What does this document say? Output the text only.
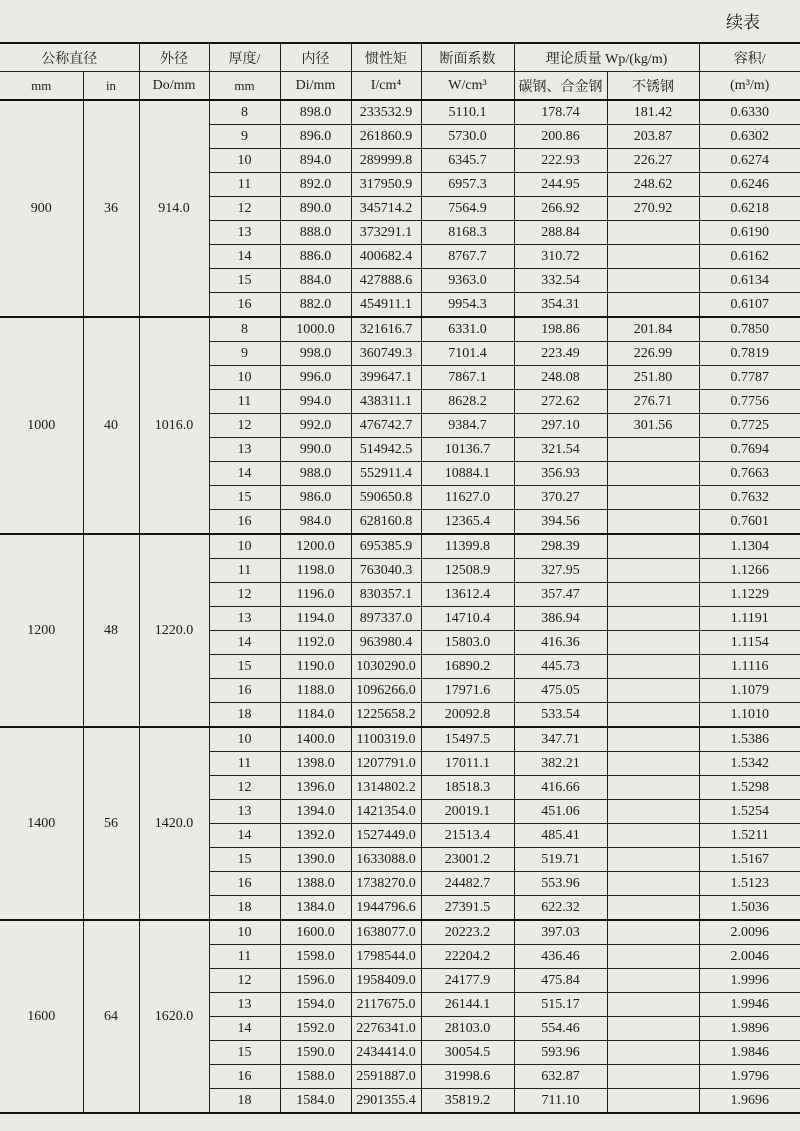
续表
公称直径		外径	厚度/	内径	惯性矩	断面系数	理论质量 Wp/(kg/m)		容积/
mm	in	Do/mm	mm	Di/mm	I/cm⁴	W/cm³	碳钢、合金钢	不锈钢	(m³/m)
900	36	914.0	8	898.0	233532.9	5110.1	178.74	181.42	0.6330
			9	896.0	261860.9	5730.0	200.86	203.87	0.6302
			10	894.0	289999.8	6345.7	222.93	226.27	0.6274
			11	892.0	317950.9	6957.3	244.95	248.62	0.6246
			12	890.0	345714.2	7564.9	266.92	270.92	0.6218
			13	888.0	373291.1	8168.3	288.84		0.6190
			14	886.0	400682.4	8767.7	310.72		0.6162
			15	884.0	427888.6	9363.0	332.54		0.6134
			16	882.0	454911.1	9954.3	354.31		0.6107
1000	40	1016.0	8	1000.0	321616.7	6331.0	198.86	201.84	0.7850
			9	998.0	360749.3	7101.4	223.49	226.99	0.7819
			10	996.0	399647.1	7867.1	248.08	251.80	0.7787
			11	994.0	438311.1	8628.2	272.62	276.71	0.7756
			12	992.0	476742.7	9384.7	297.10	301.56	0.7725
			13	990.0	514942.5	10136.7	321.54		0.7694
			14	988.0	552911.4	10884.1	356.93		0.7663
			15	986.0	590650.8	11627.0	370.27		0.7632
			16	984.0	628160.8	12365.4	394.56		0.7601
1200	48	1220.0	10	1200.0	695385.9	11399.8	298.39		1.1304
			11	1198.0	763040.3	12508.9	327.95		1.1266
			12	1196.0	830357.1	13612.4	357.47		1.1229
			13	1194.0	897337.0	14710.4	386.94		1.1191
			14	1192.0	963980.4	15803.0	416.36		1.1154
			15	1190.0	1030290.0	16890.2	445.73		1.1116
			16	1188.0	1096266.0	17971.6	475.05		1.1079
			18	1184.0	1225658.2	20092.8	533.54		1.1010
1400	56	1420.0	10	1400.0	1100319.0	15497.5	347.71		1.5386
			11	1398.0	1207791.0	17011.1	382.21		1.5342
			12	1396.0	1314802.2	18518.3	416.66		1.5298
			13	1394.0	1421354.0	20019.1	451.06		1.5254
			14	1392.0	1527449.0	21513.4	485.41		1.5211
			15	1390.0	1633088.0	23001.2	519.71		1.5167
			16	1388.0	1738270.0	24482.7	553.96		1.5123
			18	1384.0	1944796.6	27391.5	622.32		1.5036
1600	64	1620.0	10	1600.0	1638077.0	20223.2	397.03		2.0096
			11	1598.0	1798544.0	22204.2	436.46		2.0046
			12	1596.0	1958409.0	24177.9	475.84		1.9996
			13	1594.0	2117675.0	26144.1	515.17		1.9946
			14	1592.0	2276341.0	28103.0	554.46		1.9896
			15	1590.0	2434414.0	30054.5	593.96		1.9846
			16	1588.0	2591887.0	31998.6	632.87		1.9796
			18	1584.0	2901355.4	35819.2	711.10		1.9696
